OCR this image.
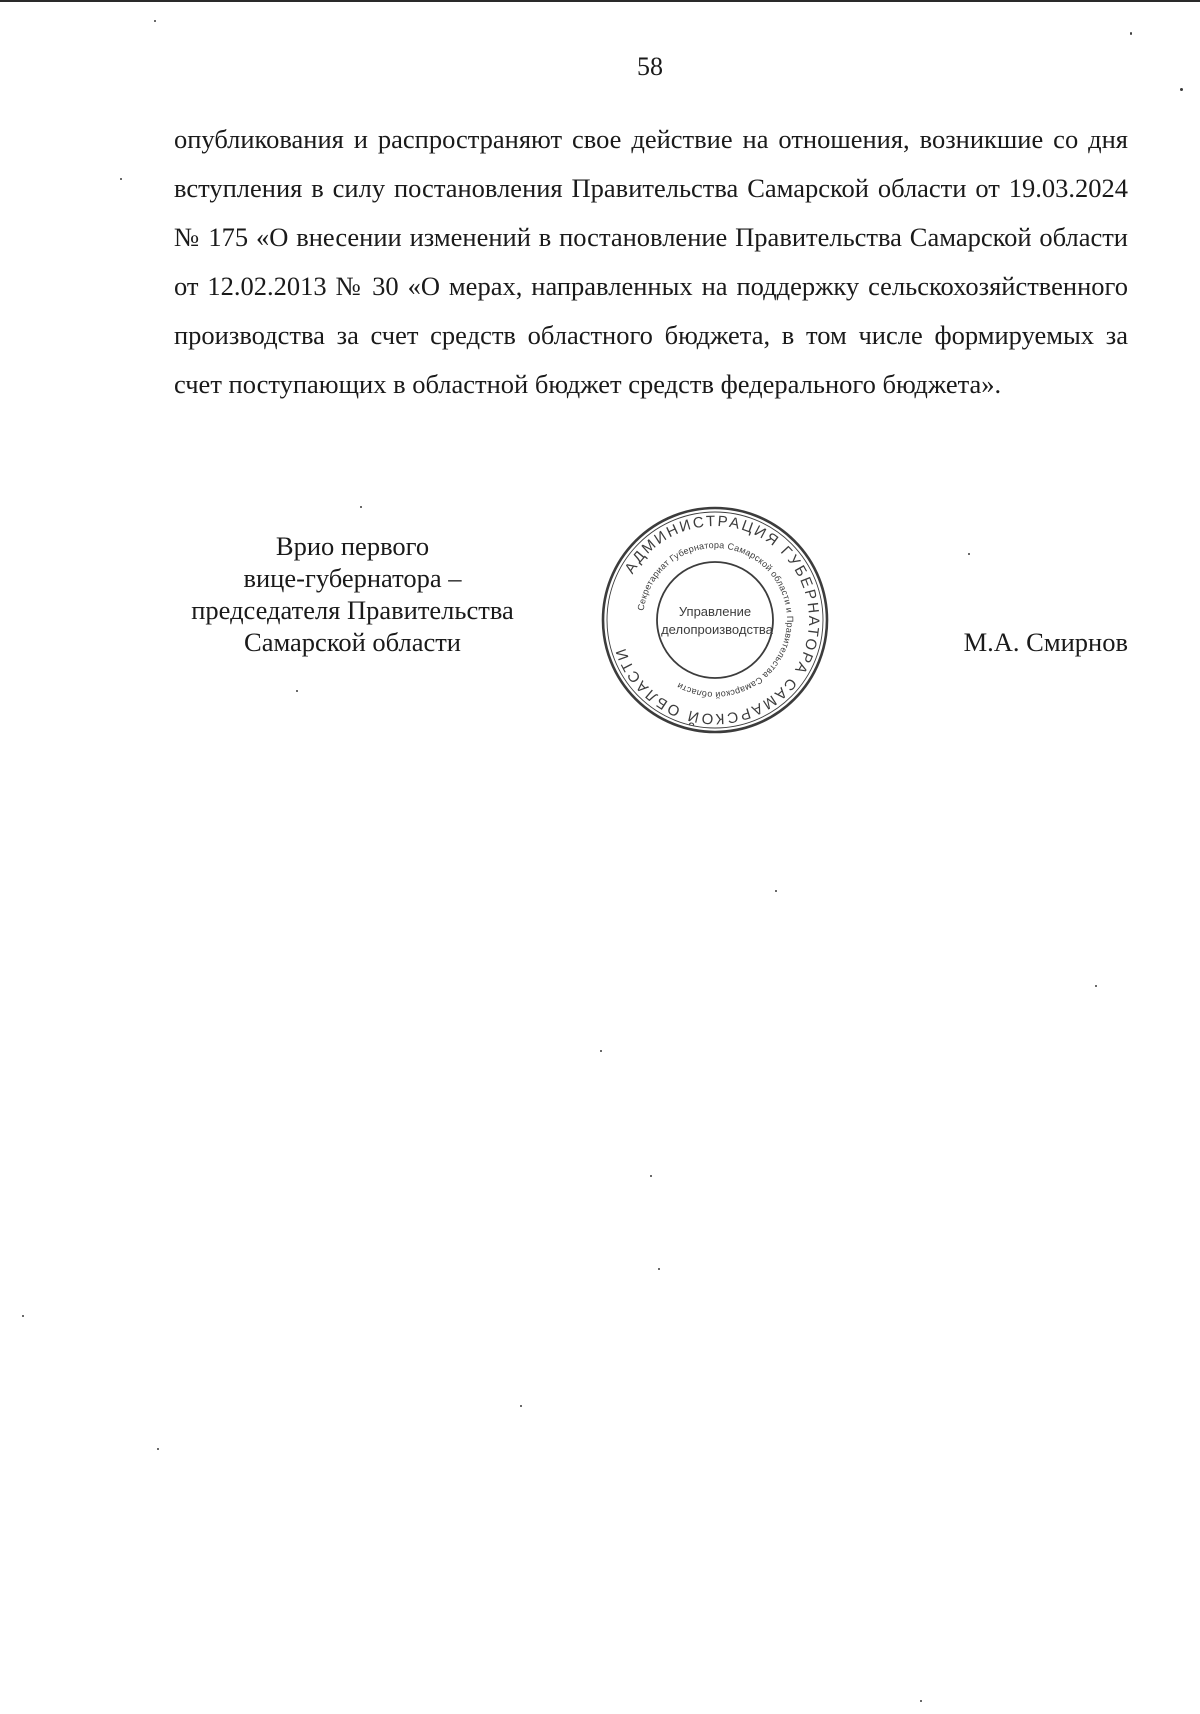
58
опубликования и распространяют свое действие на отношения, возникшие со дня вступления в силу постановления Правительства Самарской области от 19.03.2024 № 175 «О внесении изменений в постановление Правительства Самарской области от 12.02.2013 № 30 «О мерах, направленных на поддержку сельскохозяйственного производства за счет средств областного бюджета, в том числе формируемых за счет поступающих в областной бюджет средств федерального бюджета».
Врио первого
вице-губернатора –
председателя Правительства
Самарской области
АДМИНИСТРАЦИЯ ГУБЕРНАТОРА САМАРСКОЙ ОБЛАСТИ
Секретариат Губернатора Самарской области и Правительства Самарской области
Управление
делопроизводства	М.А. Смирнов
